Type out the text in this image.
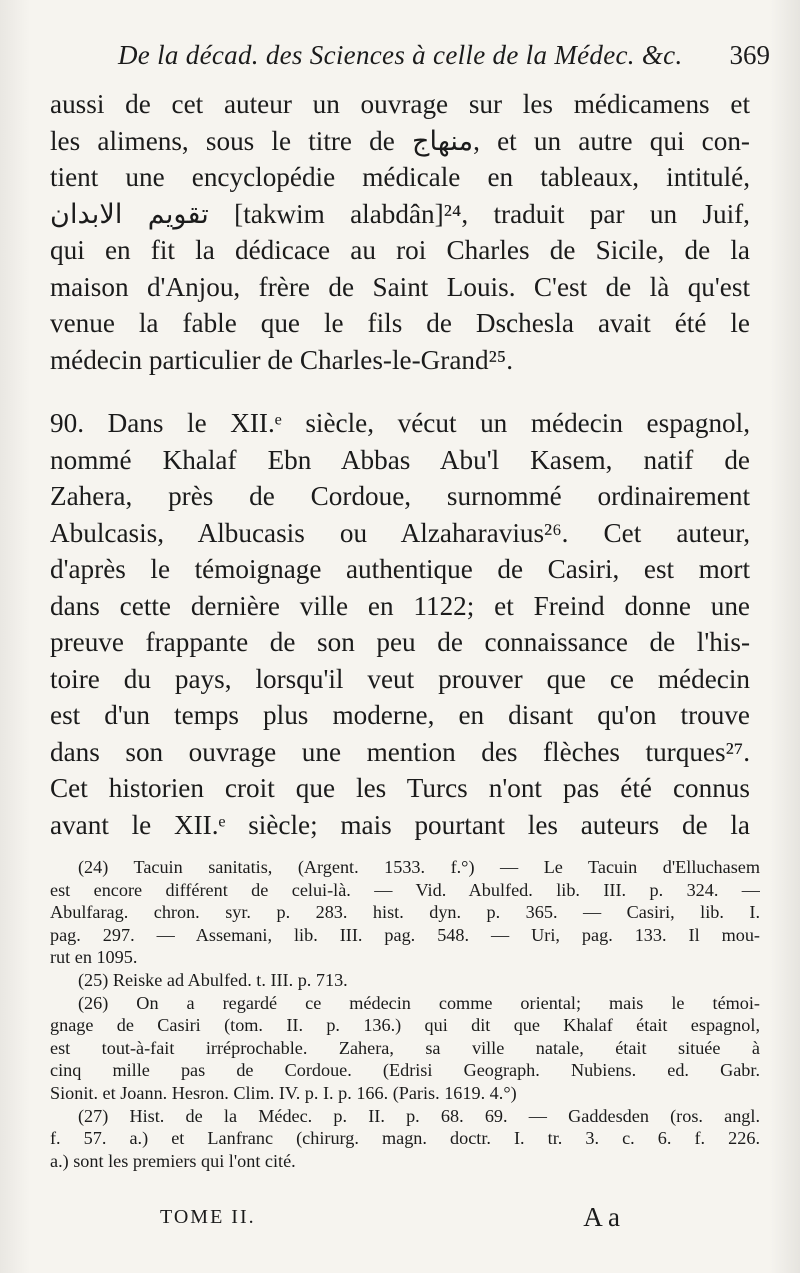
De la décad. des Sciences à celle de la Médec. &c. 369
aussi de cet auteur un ouvrage sur les médicamens et
les alimens, sous le titre de منهاج, et un autre qui con-
tient une encyclopédie médicale en tableaux, intitulé,
تقويم الابدان [takwim alabdân]²⁴, traduit par un Juif,
qui en fit la dédicace au roi Charles de Sicile, de la
maison d'Anjou, frère de Saint Louis. C'est de là qu'est
venue la fable que le fils de Dschesla avait été le
médecin particulier de Charles-le-Grand²⁵.
90. Dans le XII.ᵉ siècle, vécut un médecin espagnol,
nommé Khalaf Ebn Abbas Abu'l Kasem, natif de
Zahera, près de Cordoue, surnommé ordinairement
Abulcasis, Albucasis ou Alzaharavius²⁶. Cet auteur,
d'après le témoignage authentique de Casiri, est mort
dans cette dernière ville en 1122; et Freind donne une
preuve frappante de son peu de connaissance de l'his-
toire du pays, lorsqu'il veut prouver que ce médecin
est d'un temps plus moderne, en disant qu'on trouve
dans son ouvrage une mention des flèches turques²⁷.
Cet historien croit que les Turcs n'ont pas été connus
avant le XII.ᵉ siècle; mais pourtant les auteurs de la
(24) Tacuin sanitatis, (Argent. 1533. f.°) — Le Tacuin d'Elluchasem
est encore différent de celui-là. — Vid. Abulfed. lib. III. p. 324. —
Abulfarag. chron. syr. p. 283. hist. dyn. p. 365. — Casiri, lib. I.
pag. 297. — Assemani, lib. III. pag. 548. — Uri, pag. 133. Il mou-
rut en 1095.
(25) Reiske ad Abulfed. t. III. p. 713.
(26) On a regardé ce médecin comme oriental; mais le témoi-
gnage de Casiri (tom. II. p. 136.) qui dit que Khalaf était espagnol,
est tout-à-fait irréprochable. Zahera, sa ville natale, était située à
cinq mille pas de Cordoue. (Edrisi Geograph. Nubiens. ed. Gabr.
Sionit. et Joann. Hesron. Clim. IV. p. I. p. 166. (Paris. 1619. 4.°)
(27) Hist. de la Médec. p. II. p. 68. 69. — Gaddesden (ros. angl.
f. 57. a.) et Lanfranc (chirurg. magn. doctr. I. tr. 3. c. 6. f. 226.
a.) sont les premiers qui l'ont cité.
TOME II.	A a
